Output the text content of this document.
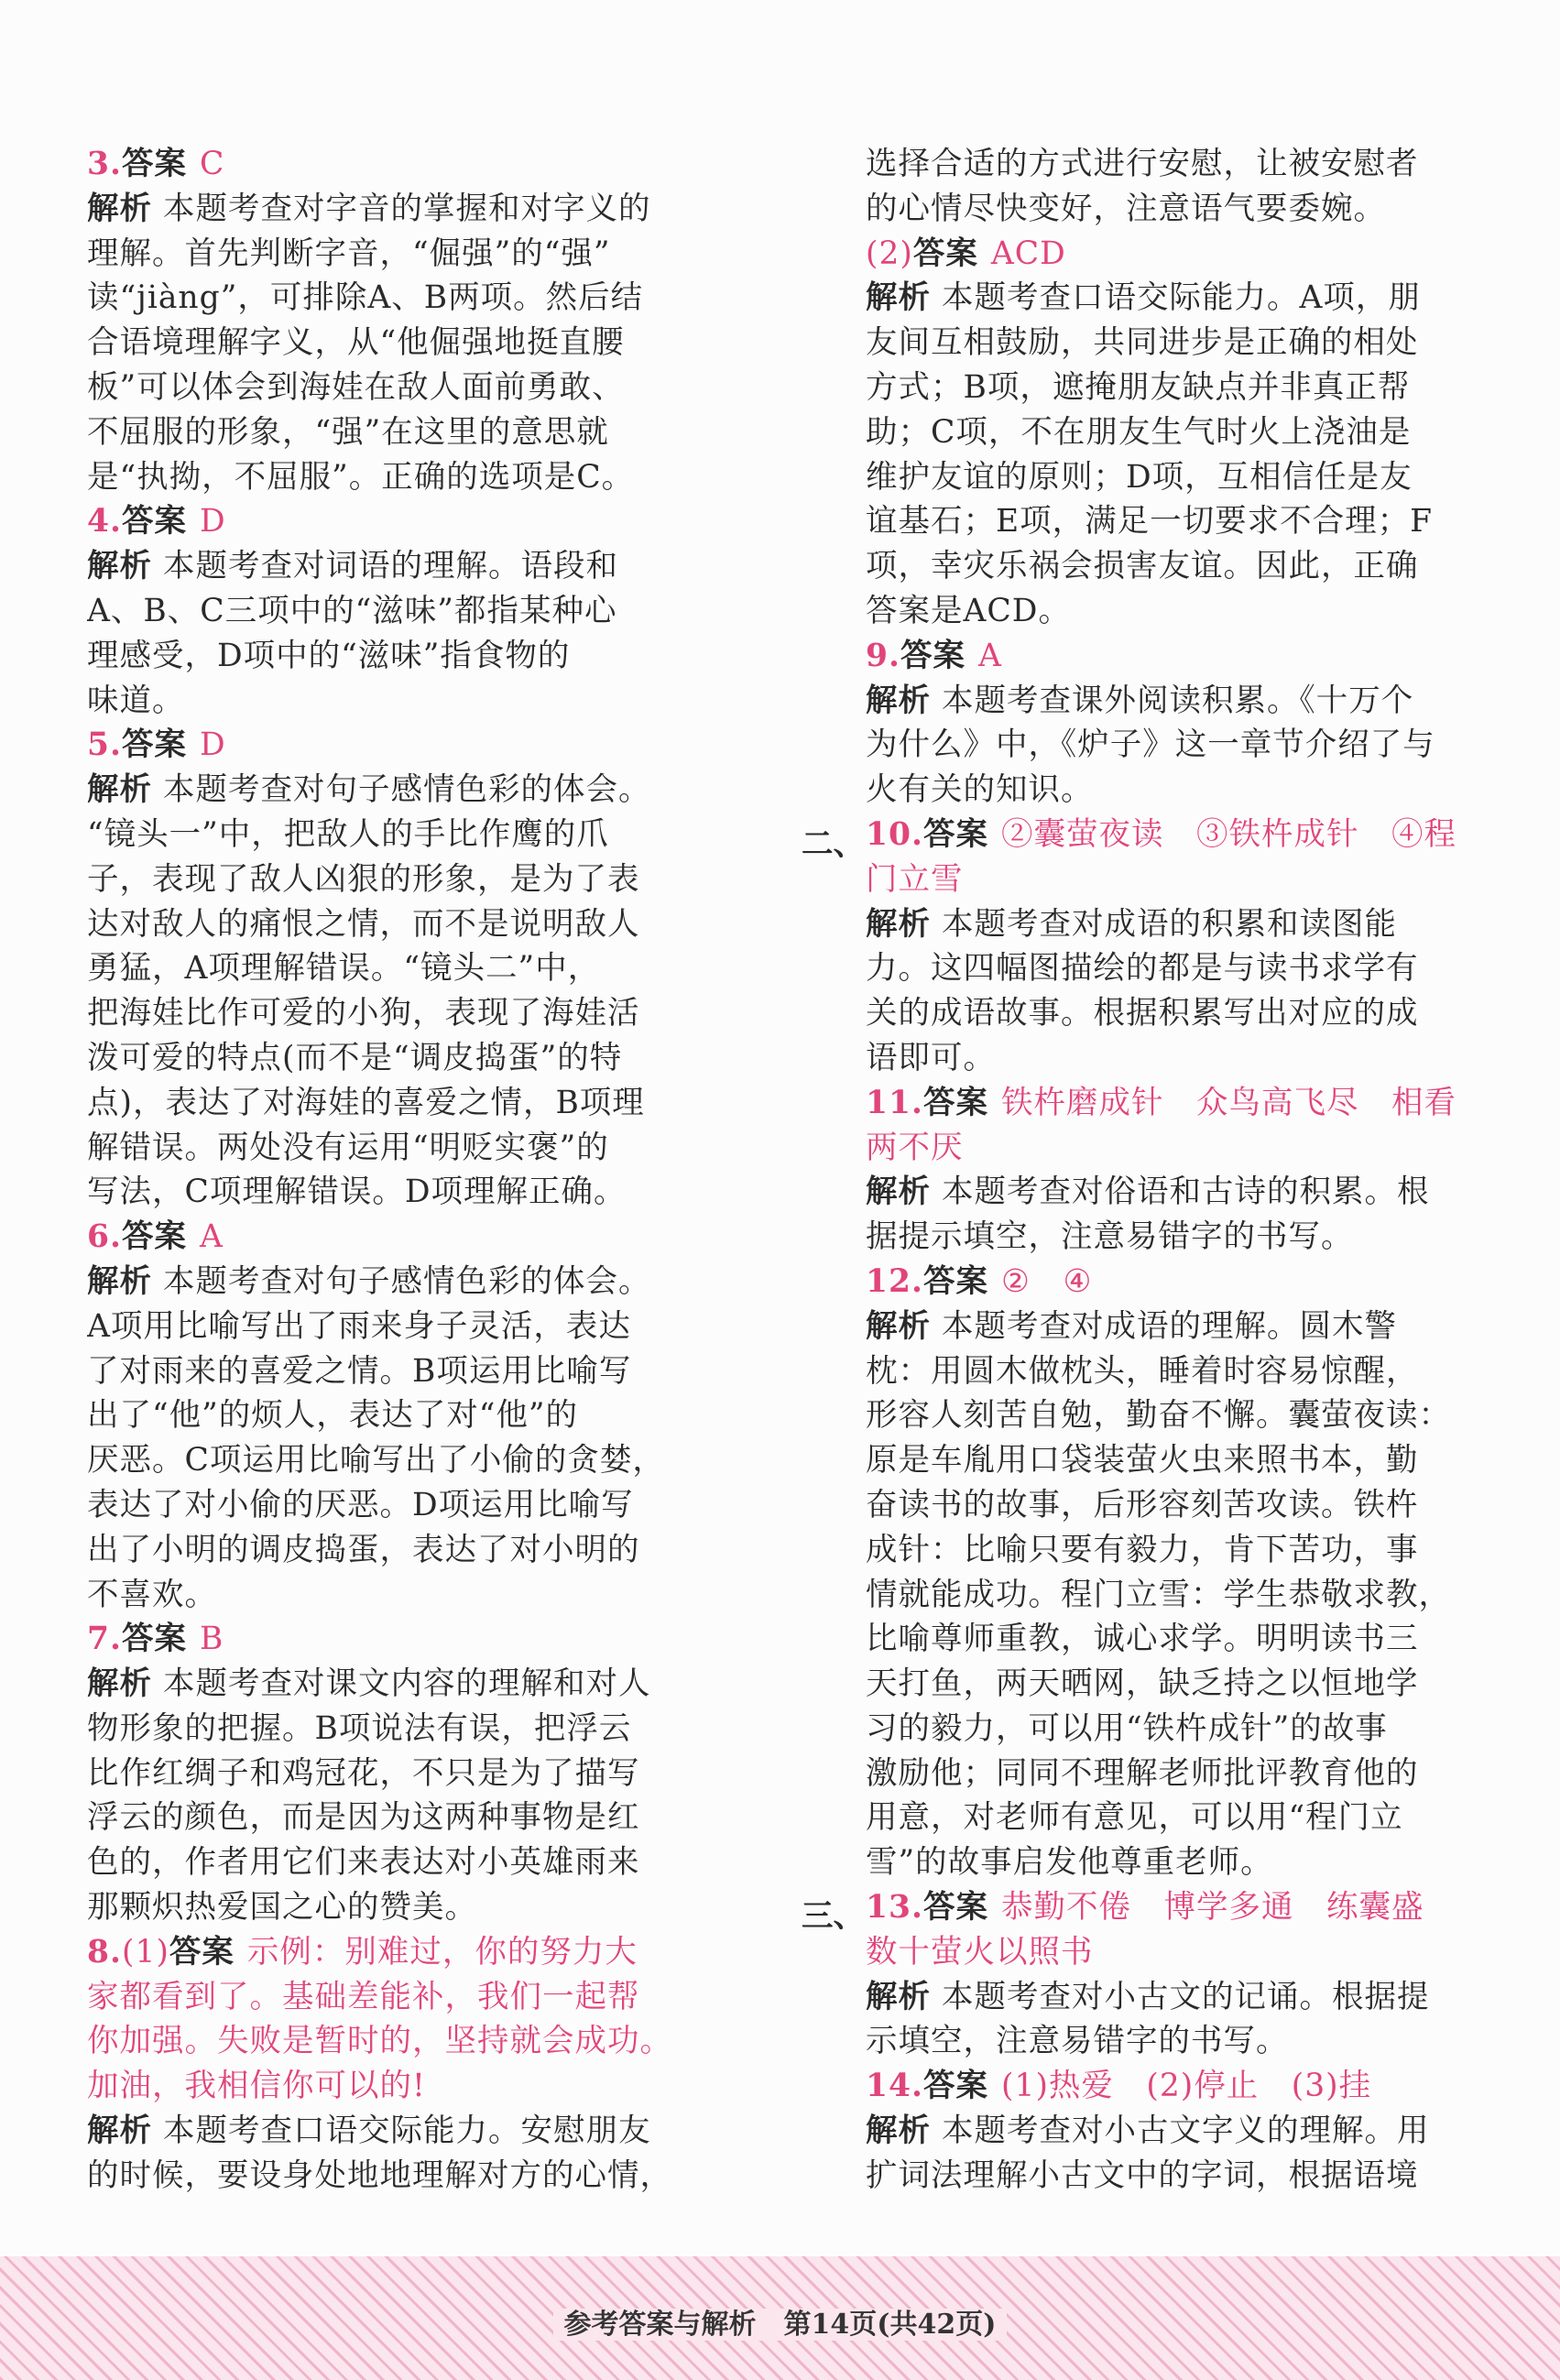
3.答案 C
解析 本题考查对字音的掌握和对字义的
理解。首先判断字音，“倔强”的“强”
读“jiàng”，可排除A、B两项。然后结
合语境理解字义，从“他倔强地挺直腰
板”可以体会到海娃在敌人面前勇敢、
不屈服的形象，“强”在这里的意思就
是“执拗，不屈服”。正确的选项是C。
4.答案 D
解析 本题考查对词语的理解。语段和
A、B、C三项中的“滋味”都指某种心
理感受，D项中的“滋味”指食物的
味道。
5.答案 D
解析 本题考查对句子感情色彩的体会。
“镜头一”中，把敌人的手比作鹰的爪
子，表现了敌人凶狠的形象，是为了表
达对敌人的痛恨之情，而不是说明敌人
勇猛，A项理解错误。“镜头二”中，
把海娃比作可爱的小狗，表现了海娃活
泼可爱的特点(而不是“调皮捣蛋”的特
点)，表达了对海娃的喜爱之情，B项理
解错误。两处没有运用“明贬实褒”的
写法，C项理解错误。D项理解正确。
6.答案 A
解析 本题考查对句子感情色彩的体会。
A项用比喻写出了雨来身子灵活，表达
了对雨来的喜爱之情。B项运用比喻写
出了“他”的烦人，表达了对“他”的
厌恶。C项运用比喻写出了小偷的贪婪，
表达了对小偷的厌恶。D项运用比喻写
出了小明的调皮捣蛋，表达了对小明的
不喜欢。
7.答案 B
解析 本题考查对课文内容的理解和对人
物形象的把握。B项说法有误，把浮云
比作红绸子和鸡冠花，不只是为了描写
浮云的颜色，而是因为这两种事物是红
色的，作者用它们来表达对小英雄雨来
那颗炽热爱国之心的赞美。
8.(1)答案 示例：别难过，你的努力大
家都看到了。基础差能补，我们一起帮
你加强。失败是暂时的，坚持就会成功。
加油，我相信你可以的!
解析 本题考查口语交际能力。安慰朋友
的时候，要设身处地地理解对方的心情，
二、
三、
选择合适的方式进行安慰，让被安慰者
的心情尽快变好，注意语气要委婉。
(2)答案 ACD
解析 本题考查口语交际能力。A项，朋
友间互相鼓励，共同进步是正确的相处
方式；B项，遮掩朋友缺点并非真正帮
助；C项，不在朋友生气时火上浇油是
维护友谊的原则；D项，互相信任是友
谊基石；E项，满足一切要求不合理；F
项，幸灾乐祸会损害友谊。因此，正确
答案是ACD。
9.答案 A
解析 本题考查课外阅读积累。《十万个
为什么》中，《炉子》这一章节介绍了与
火有关的知识。
10.答案 ②囊萤夜读　③铁杵成针　④程
门立雪
解析 本题考查对成语的积累和读图能
力。这四幅图描绘的都是与读书求学有
关的成语故事。根据积累写出对应的成
语即可。
11.答案 铁杵磨成针　众鸟高飞尽　相看
两不厌
解析 本题考查对俗语和古诗的积累。根
据提示填空，注意易错字的书写。
12.答案 ②　④
解析 本题考查对成语的理解。圆木警
枕：用圆木做枕头，睡着时容易惊醒，
形容人刻苦自勉，勤奋不懈。囊萤夜读：
原是车胤用口袋装萤火虫来照书本，勤
奋读书的故事，后形容刻苦攻读。铁杵
成针：比喻只要有毅力，肯下苦功，事
情就能成功。程门立雪：学生恭敬求教，
比喻尊师重教，诚心求学。明明读书三
天打鱼，两天晒网，缺乏持之以恒地学
习的毅力，可以用“铁杵成针”的故事
激励他；同同不理解老师批评教育他的
用意，对老师有意见，可以用“程门立
雪”的故事启发他尊重老师。
13.答案 恭勤不倦　博学多通　练囊盛
数十萤火以照书
解析 本题考查对小古文的记诵。根据提
示填空，注意易错字的书写。
14.答案 (1)热爱　(2)停止　(3)挂
解析 本题考查对小古文字义的理解。用
扩词法理解小古文中的字词，根据语境
参考答案与解析　第14页(共42页)
